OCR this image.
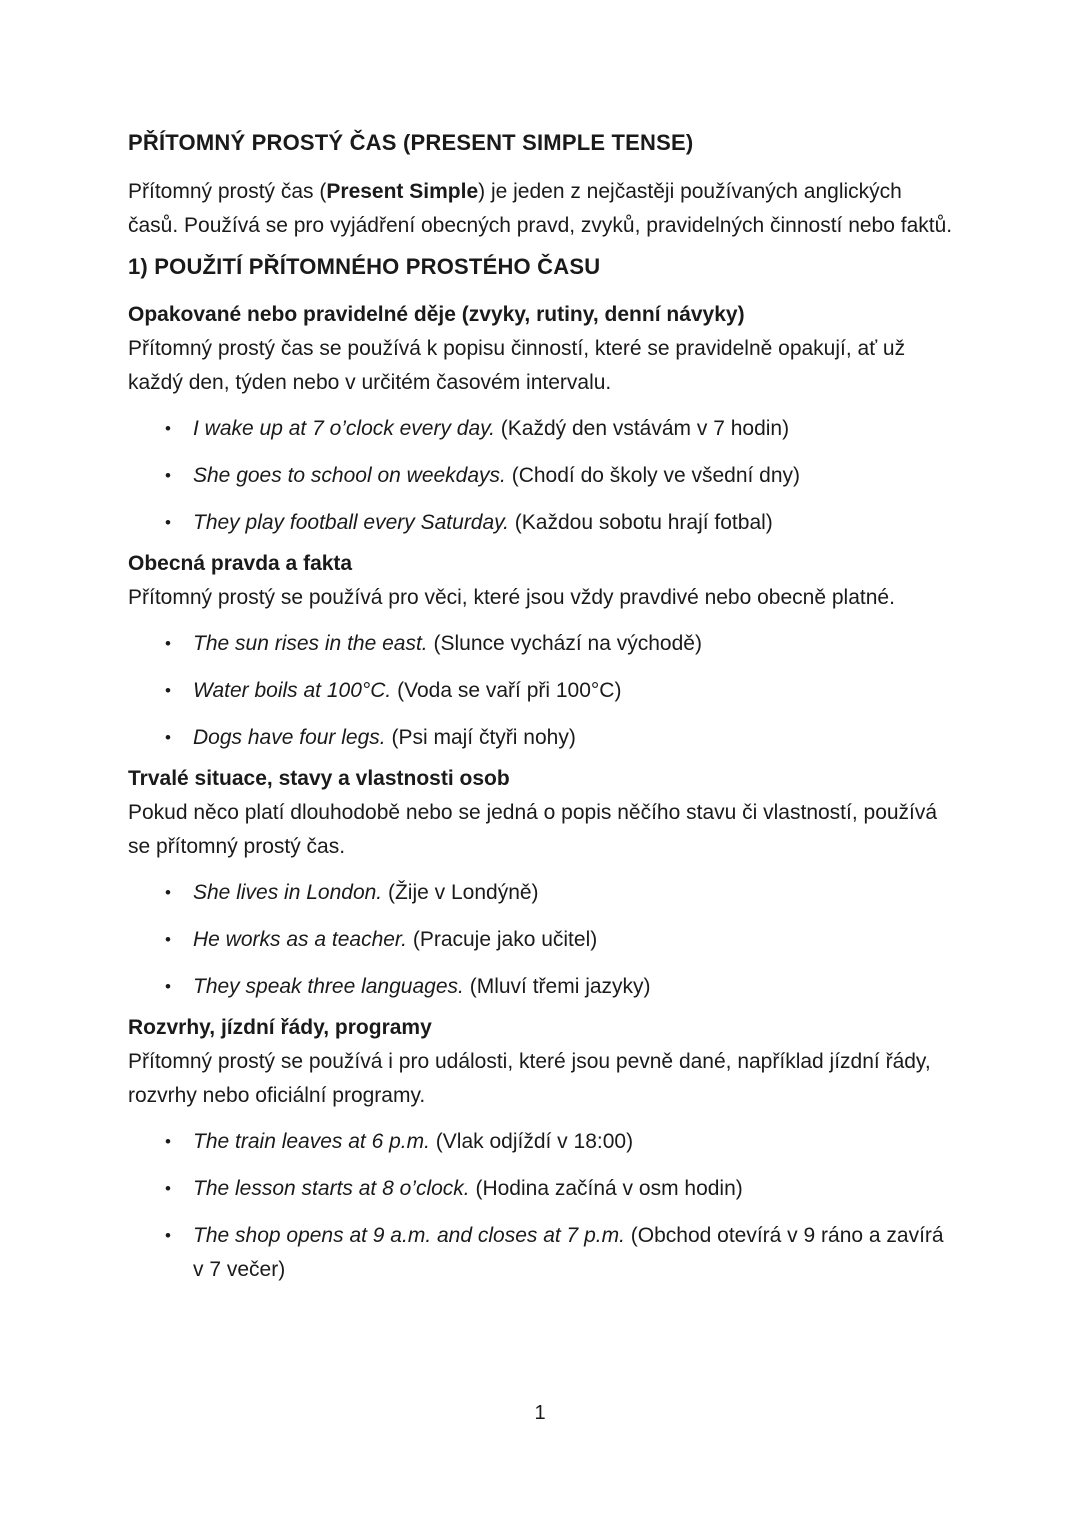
PŘÍTOMNÝ PROSTÝ ČAS (PRESENT SIMPLE TENSE)

Přítomný prostý čas (Present Simple) je jeden z nejčastěji používaných anglických časů. Používá se pro vyjádření obecných pravd, zvyků, pravidelných činností nebo faktů.

1) POUŽITÍ PŘÍTOMNÉHO PROSTÉHO ČASU
Opakované nebo pravidelné děje (zvyky, rutiny, denní návyky)

Přítomný prostý čas se používá k popisu činností, které se pravidelně opakují, ať už každý den, týden nebo v určitém časovém intervalu.

• I wake up at 7 o’clock every day. (Každý den vstávám v 7 hodin)
• She goes to school on weekdays. (Chodí do školy ve všední dny)
• They play football every Saturday. (Každou sobotu hrají fotbal)
Obecná pravda a fakta

Přítomný prostý se používá pro věci, které jsou vždy pravdivé nebo obecně platné.

• The sun rises in the east. (Slunce vychází na východě)
• Water boils at 100°C. (Voda se vaří při 100°C)
• Dogs have four legs. (Psi mají čtyři nohy)
Trvalé situace, stavy a vlastnosti osob

Pokud něco platí dlouhodobě nebo se jedná o popis něčího stavu či vlastností, používá se přítomný prostý čas.

• She lives in London. (Žije v Londýně)
• He works as a teacher. (Pracuje jako učitel)
• They speak three languages. (Mluví třemi jazyky)
Rozvrhy, jízdní řády, programy

Přítomný prostý se používá i pro události, které jsou pevně dané, například jízdní řády, rozvrhy nebo oficiální programy.

• The train leaves at 6 p.m. (Vlak odjíždí v 18:00)
• The lesson starts at 8 o’clock. (Hodina začíná v osm hodin)
• The shop opens at 9 a.m. and closes at 7 p.m. (Obchod otevírá v 9 ráno a zavírá v 7 večer)
1
